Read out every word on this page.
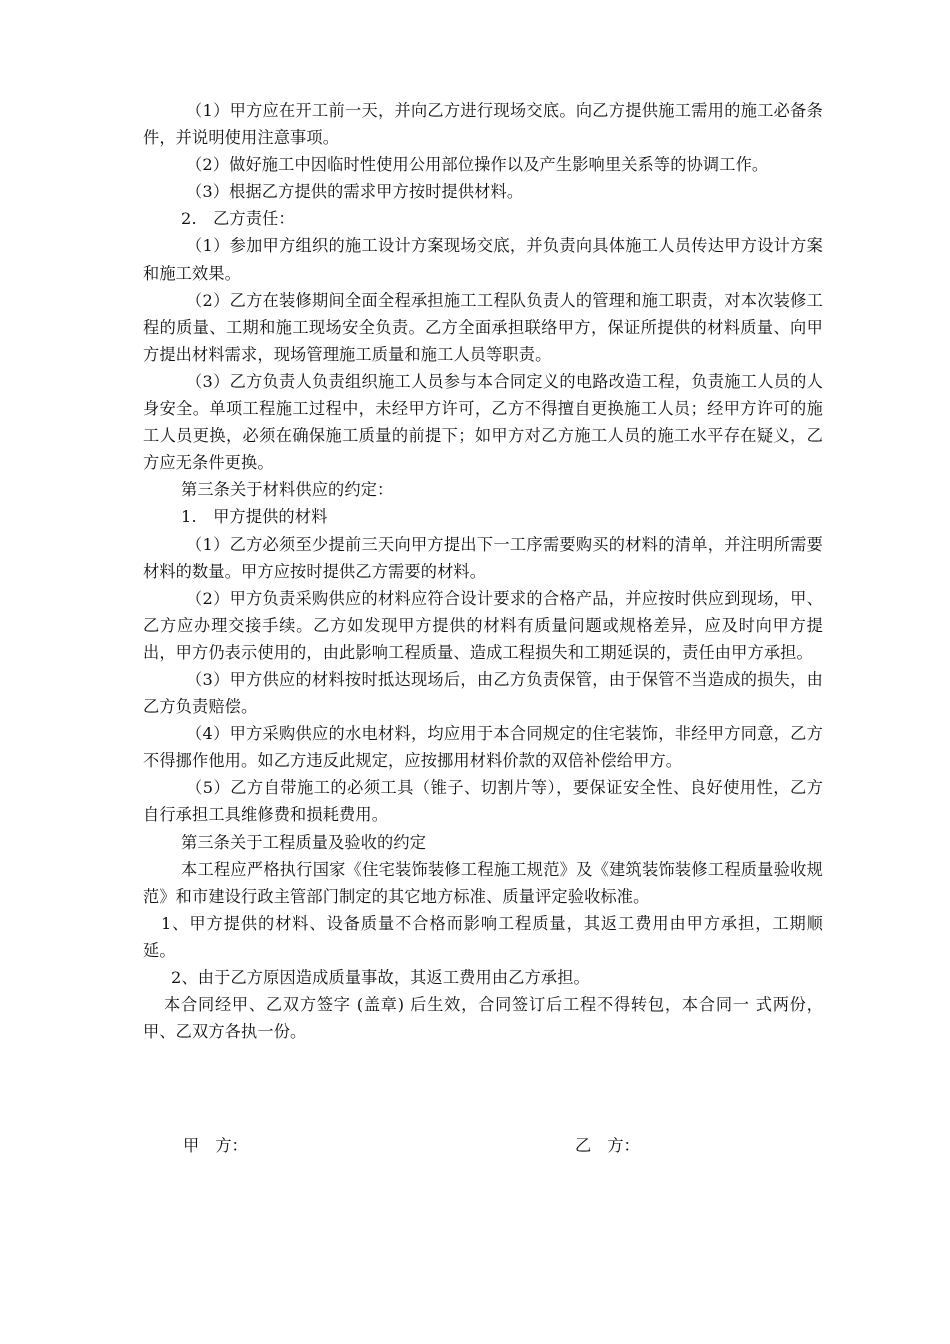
（1）甲方应在开工前一天，并向乙方进行现场交底。向乙方提供施工需用的施工必备条件，并说明使用注意事项。

（2）做好施工中因临时性使用公用部位操作以及产生影响里关系等的协调工作。

（3）根据乙方提供的需求甲方按时提供材料。

2.　乙方责任：

（1）参加甲方组织的施工设计方案现场交底，并负责向具体施工人员传达甲方设计方案和施工效果。

（2）乙方在装修期间全面全程承担施工工程队负责人的管理和施工职责，对本次装修工程的质量、工期和施工现场安全负责。乙方全面承担联络甲方，保证所提供的材料质量、向甲方提出材料需求，现场管理施工质量和施工人员等职责。

（3）乙方负责人负责组织施工人员参与本合同定义的电路改造工程，负责施工人员的人身安全。单项工程施工过程中，未经甲方许可，乙方不得擅自更换施工人员；经甲方许可的施工人员更换，必须在确保施工质量的前提下；如甲方对乙方施工人员的施工水平存在疑义，乙方应无条件更换。

第三条关于材料供应的约定：

1.　甲方提供的材料

（1）乙方必须至少提前三天向甲方提出下一工序需要购买的材料的清单，并注明所需要材料的数量。甲方应按时提供乙方需要的材料。

（2）甲方负责采购供应的材料应符合设计要求的合格产品，并应按时供应到现场，甲、乙方应办理交接手续。乙方如发现甲方提供的材料有质量问题或规格差异，应及时向甲方提出，甲方仍表示使用的，由此影响工程质量、造成工程损失和工期延误的，责任由甲方承担。

（3）甲方供应的材料按时抵达现场后，由乙方负责保管，由于保管不当造成的损失，由乙方负责赔偿。

（4）甲方采购供应的水电材料，均应用于本合同规定的住宅装饰，非经甲方同意，乙方不得挪作他用。如乙方违反此规定，应按挪用材料价款的双倍补偿给甲方。

（5）乙方自带施工的必须工具（锥子、切割片等），要保证安全性、良好使用性，乙方自行承担工具维修费和损耗费用。

第三条关于工程质量及验收的约定

本工程应严格执行国家《住宅装饰装修工程施工规范》及《建筑装饰装修工程质量验收规范》和市建设行政主管部门制定的其它地方标准、质量评定验收标准。

1、甲方提供的材料、设备质量不合格而影响工程质量，其返工费用由甲方承担，工期顺延。

2、由于乙方原因造成质量事故，其返工费用由乙方承担。

本合同经甲、乙双方签字 (盖章) 后生效，合同签订后工程不得转包，本合同一 式两份，甲、乙双方各执一份。

甲　方：	乙　方：
